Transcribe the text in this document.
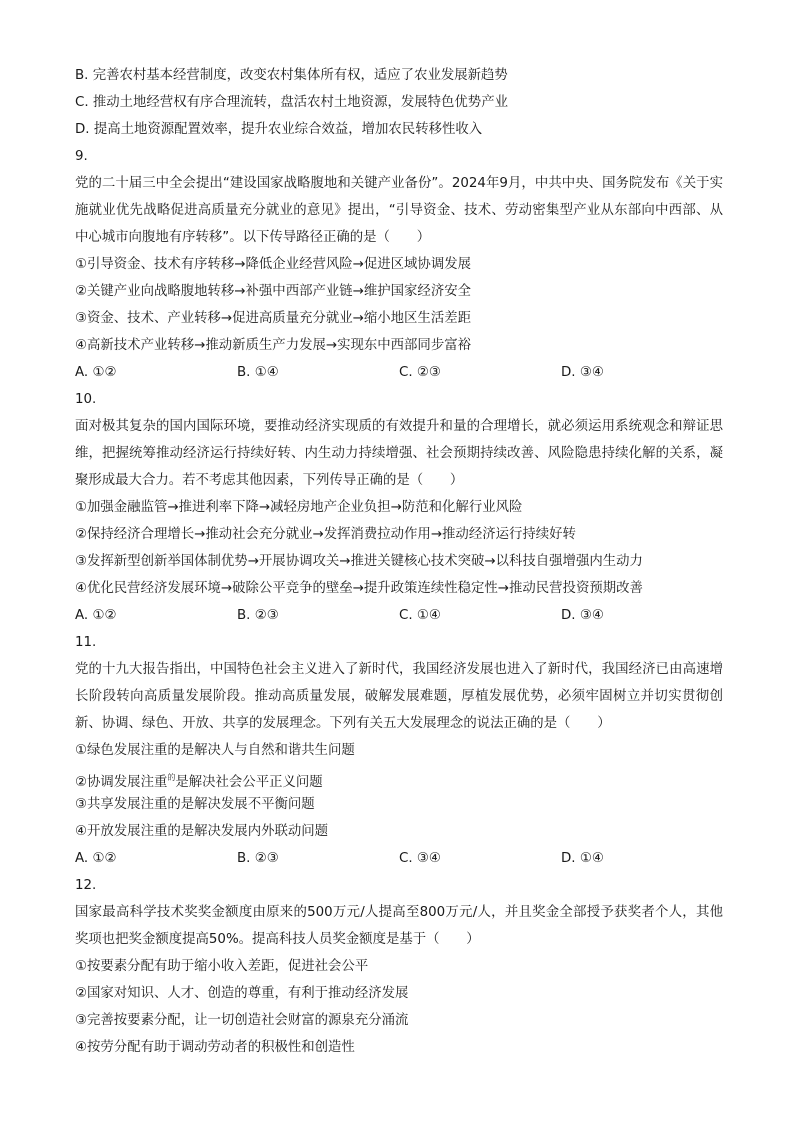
B. 完善农村基本经营制度，改变农村集体所有权，适应了农业发展新趋势
C. 推动土地经营权有序合理流转，盘活农村土地资源，发展特色优势产业
D. 提高土地资源配置效率，提升农业综合效益，增加农民转移性收入
9.
党的二十届三中全会提出“建设国家战略腹地和关键产业备份”。2024年9月，中共中央、国务院发布《关于实施就业优先战略促进高质量充分就业的意见》提出，“引导资金、技术、劳动密集型产业从东部向中西部、从中心城市向腹地有序转移”。以下传导路径正确的是（　　）
①引导资金、技术有序转移→降低企业经营风险→促进区域协调发展
②关键产业向战略腹地转移→补强中西部产业链→维护国家经济安全
③资金、技术、产业转移→促进高质量充分就业→缩小地区生活差距
④高新技术产业转移→推动新质生产力发展→实现东中西部同步富裕
A. ①②	B. ①④	C. ②③	D. ③④
10.
面对极其复杂的国内国际环境，要推动经济实现质的有效提升和量的合理增长，就必须运用系统观念和辩证思维，把握统筹推动经济运行持续好转、内生动力持续增强、社会预期持续改善、风险隐患持续化解的关系，凝聚形成最大合力。若不考虑其他因素，下列传导正确的是（　　）
①加强金融监管→推进利率下降→减轻房地产企业负担→防范和化解行业风险
②保持经济合理增长→推动社会充分就业→发挥消费拉动作用→推动经济运行持续好转
③发挥新型创新举国体制优势→开展协调攻关→推进关键核心技术突破→以科技自强增强内生动力
④优化民营经济发展环境→破除公平竞争的壁垒→提升政策连续性稳定性→推动民营投资预期改善
A. ①②	B. ②③	C. ①④	D. ③④
11.
党的十九大报告指出，中国特色社会主义进入了新时代，我国经济发展也进入了新时代，我国经济已由高速增长阶段转向高质量发展阶段。推动高质量发展，破解发展难题，厚植发展优势，必须牢固树立并切实贯彻创新、协调、绿色、开放、共享的发展理念。下列有关五大发展理念的说法正确的是（　　）
①绿色发展注重的是解决人与自然和谐共生问题
②协调发展注重$^的$是解决社会公平正义问题
③共享发展注重的是解决发展不平衡问题
④开放发展注重的是解决发展内外联动问题
A. ①②	B. ②③	C. ③④	D. ①④
12.
国家最高科学技术奖奖金额度由原来的500万元/人提高至800万元/人，并且奖金全部授予获奖者个人，其他奖项也把奖金额度提高50%。提高科技人员奖金额度是基于（　　）
①按要素分配有助于缩小收入差距，促进社会公平
②国家对知识、人才、创造的尊重，有利于推动经济发展
③完善按要素分配，让一切创造社会财富的源泉充分涌流
④按劳分配有助于调动劳动者的积极性和创造性
